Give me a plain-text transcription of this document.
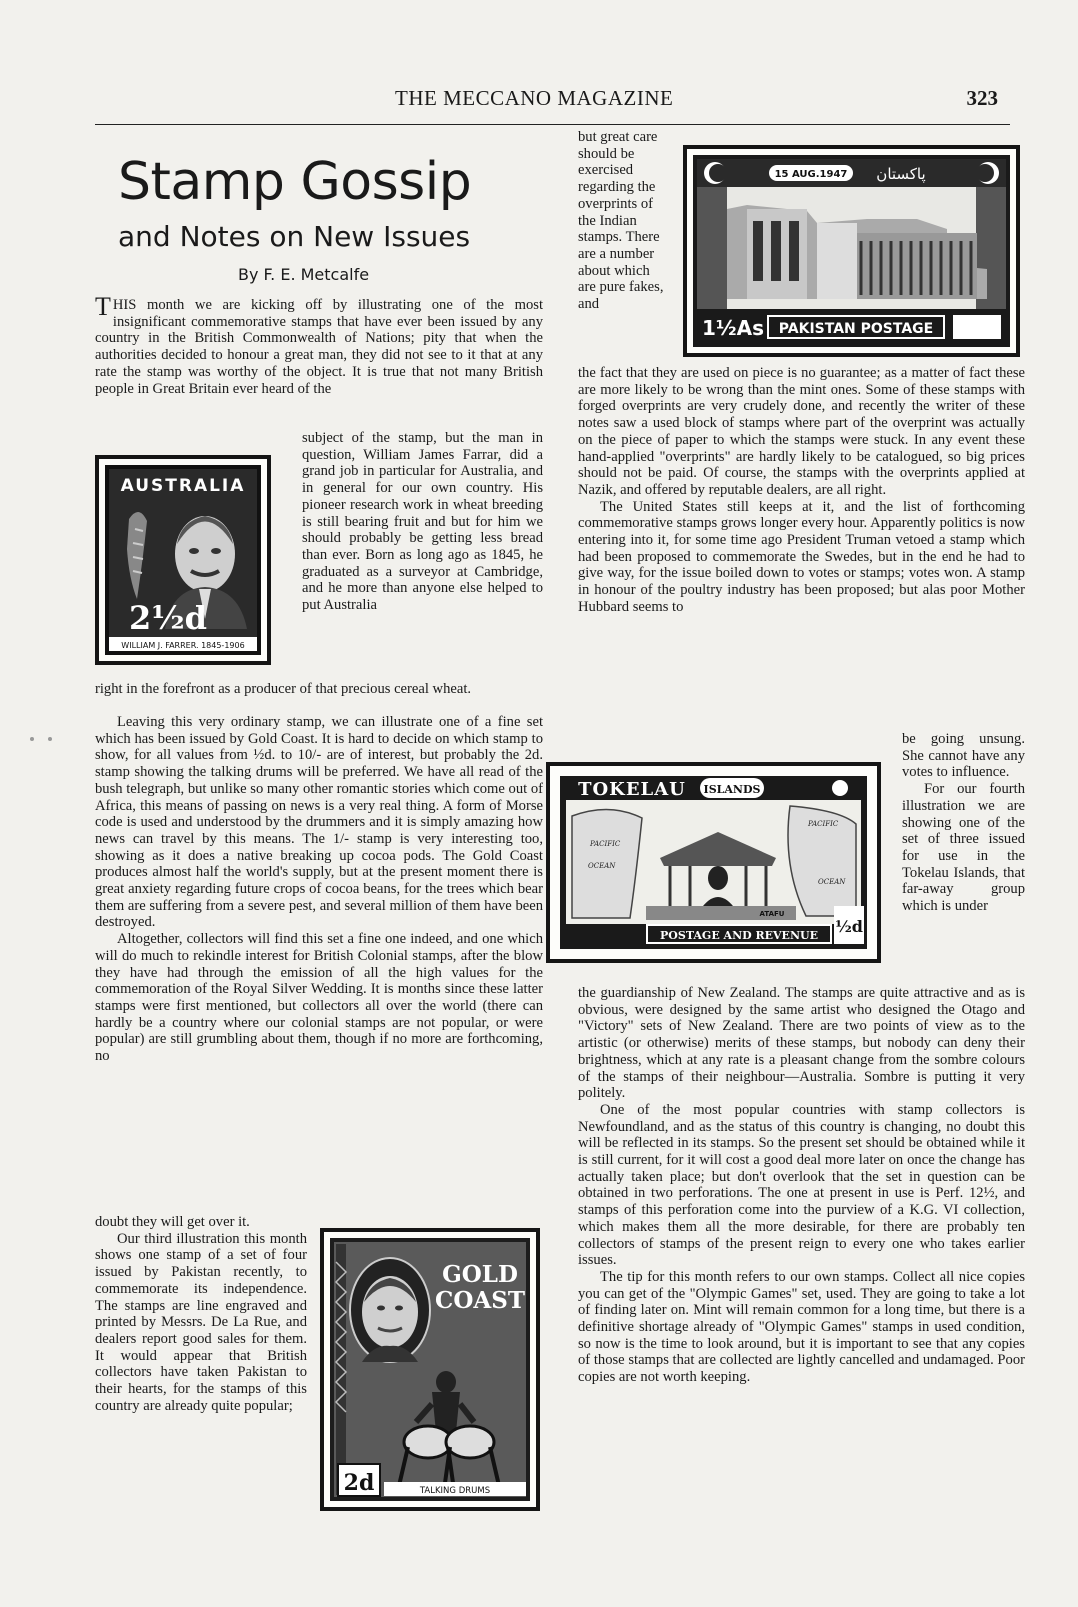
THE MECCANO MAGAZINE	323
Stamp Gossip
and Notes on New Issues
By F. E. Metcalfe

THIS month we are kicking off by illustrating one of the most insignificant commemorative stamps that have ever been issued by any country in the British Commonwealth of Nations; pity that when the authorities decided to honour a great man, they did not see to it that at any rate the stamp was worthy of the object. It is true that not many British people in Great Britain ever heard of the

AUSTRALIA
2½d
WILLIAM J. FARRER. 1845-1906

subject of the stamp, but the man in question, William James Farrar, did a grand job in particular for Australia, and in general for our own country. His pioneer research work in wheat breeding is still bearing fruit and but for him we should probably be getting less bread than ever. Born as long ago as 1845, he graduated as a surveyor at Cambridge, and he more than anyone else helped to put Australia

right in the forefront as a producer of that precious cereal wheat.

Leaving this very ordinary stamp, we can illustrate one of a fine set which has been issued by Gold Coast. It is hard to decide on which stamp to show, for all values from ½d. to 10/- are of interest, but probably the 2d. stamp showing the talking drums will be preferred. We have all read of the bush telegraph, but unlike so many other romantic stories which come out of Africa, this means of passing on news is a very real thing. A form of Morse code is used and understood by the drummers and it is simply amazing how news can travel by this means. The 1/- stamp is very interesting too, showing as it does a native breaking up cocoa pods. The Gold Coast produces almost half the world's supply, but at the present moment there is great anxiety regarding future crops of cocoa beans, for the trees which bear them are suffering from a severe pest, and several million of them have been destroyed.

Altogether, collectors will find this set a fine one indeed, and one which will do much to rekindle interest for British Colonial stamps, after the blow they have had through the emission of all the high values for the commemoration of the Royal Silver Wedding. It is months since these latter stamps were first mentioned, but collectors all over the world (there can hardly be a country where our colonial stamps are not popular, or were popular) are still grumbling about them, though if no more are forthcoming, no

doubt they will get over it.

Our third illustration this month shows one stamp of a set of four issued by Pakistan recently, to commemorate its independence. The stamps are line engraved and printed by Messrs. De La Rue, and dealers report good sales for them. It would appear that British collectors have taken Pakistan to their hearts, for the stamps of this country are already quite popular;

GOLD
COAST
2d	TALKING DRUMS

but great care should be exercised regarding the overprints of the Indian stamps. There are a number about which are pure fakes, and

15 AUG.1947 پاکستان
1½As PAKISTAN POSTAGE

the fact that they are used on piece is no guarantee; as a matter of fact these are more likely to be wrong than the mint ones. Some of these stamps with forged overprints are very crudely done, and recently the writer of these notes saw a used block of stamps where part of the overprint was actually on the piece of paper to which the stamps were stuck. In any event these hand-applied "overprints" are hardly likely to be catalogued, so big prices should not be paid. Of course, the stamps with the overprints applied at Nazik, and offered by reputable dealers, are all right.

The United States still keeps at it, and the list of forthcoming commemorative stamps grows longer every hour. Apparently politics is now entering into it, for some time ago President Truman vetoed a stamp which had been proposed to commemorate the Swedes, but in the end he had to give way, for the issue boiled down to votes or stamps; votes won. A stamp in honour of the poultry industry has been proposed; but alas poor Mother Hubbard seems to

TOKELAU ISLANDS
PACIFIC
OCEAN
PACIFIC
OCEAN
ATAFU
POSTAGE AND REVENUE ½d

be going unsung. She cannot have any votes to influence.

For our fourth illustration we are showing one of the set of three issued for use in the Tokelau Islands, that far-away group which is under

the guardianship of New Zealand. The stamps are quite attractive and as is obvious, were designed by the same artist who designed the Otago and "Victory" sets of New Zealand. There are two points of view as to the artistic (or otherwise) merits of these stamps, but nobody can deny their brightness, which at any rate is a pleasant change from the sombre colours of the stamps of their neighbour—Australia. Sombre is putting it very politely.

One of the most popular countries with stamp collectors is Newfoundland, and as the status of this country is changing, no doubt this will be reflected in its stamps. So the present set should be obtained while it is still current, for it will cost a good deal more later on once the change has actually taken place; but don't overlook that the set in question can be obtained in two perforations. The one at present in use is Perf. 12½, and stamps of this perforation come into the purview of a K.G. VI collection, which makes them all the more desirable, for there are probably ten collectors of stamps of the present reign to every one who takes earlier issues.

The tip for this month refers to our own stamps. Collect all nice copies you can get of the "Olympic Games" set, used. They are going to take a lot of finding later on. Mint will remain common for a long time, but there is a definitive shortage already of "Olympic Games" stamps in used condition, so now is the time to look around, but it is important to see that any copies of those stamps that are collected are lightly cancelled and undamaged. Poor copies are not worth keeping.
